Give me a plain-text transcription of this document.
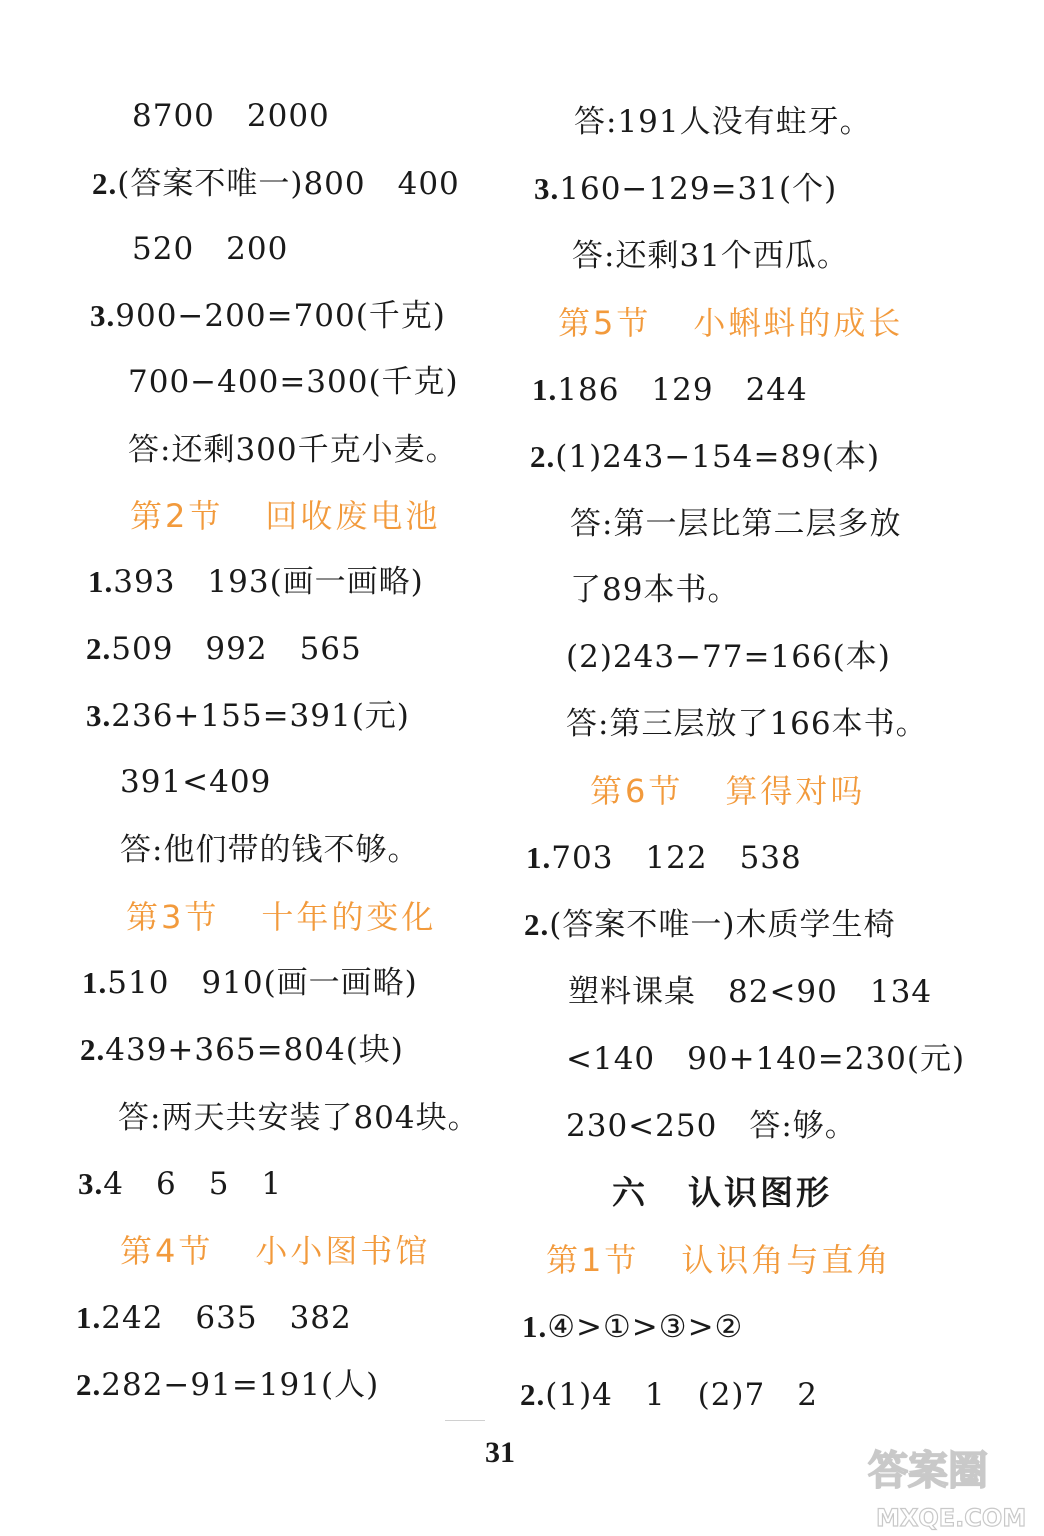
8700　2000
2.(答案不唯一)800　400
520　200
3.900−200=700(千克)
700−400=300(千克)
答:还剩300千克小麦。
第2节 回收废电池
1.393　193(画一画略)
2.509　992　565
3.236+155=391(元)
391<409
答:他们带的钱不够。
第3节 十年的变化
1.510　910(画一画略)
2.439+365=804(块)
答:两天共安装了804块。
3.4　6　5　1
第4节 小小图书馆
1.242　635　382
2.282−91=191(人)
答:191人没有蛀牙。
3.160−129=31(个)
答:还剩31个西瓜。
第5节 小蝌蚪的成长
1.186　129　244
2.(1)243−154=89(本)
答:第一层比第二层多放
了89本书。
(2)243−77=166(本)
答:第三层放了166本书。
第6节 算得对吗
1.703　122　538
2.(答案不唯一)木质学生椅
塑料课桌　82<90　134
<140　90+140=230(元)
230<250　答:够。
六 认识图形
第1节 认识角与直角
1.④>①>③>②
2.(1)4　1　(2)7　2
31	答案圈
MXQE.COM
